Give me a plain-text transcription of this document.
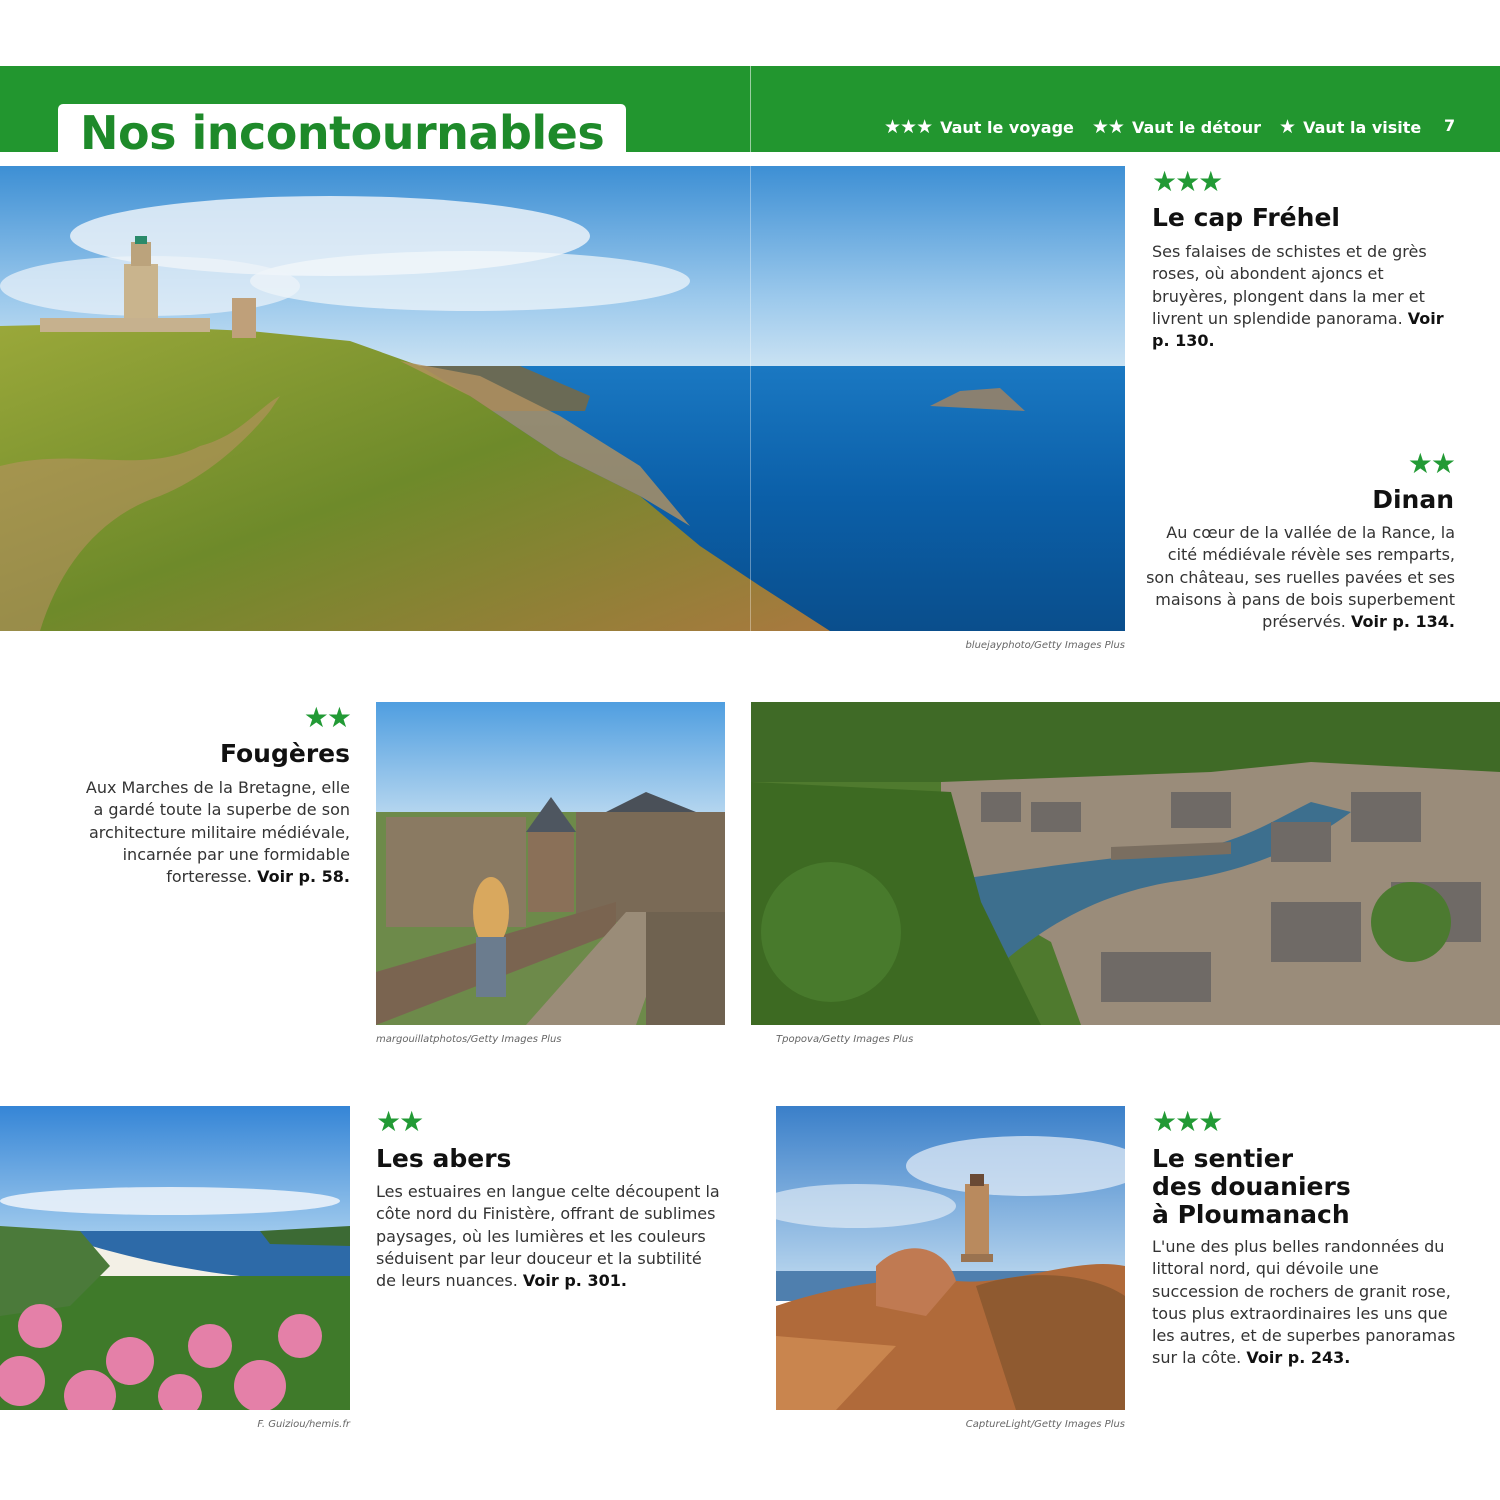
Nos incontournables	★★★ Vaut le voyage ★★ Vaut le détour ★ Vaut la visite 7
bluejayphoto/Getty Images Plus
★★★
Le cap Fréhel
Ses falaises de schistes et de grès roses, où abondent ajoncs et bruyères, plongent dans la mer et livrent un splendide panorama. Voir p. 130.
★★
Dinan
Au cœur de la vallée de la Rance, la cité médiévale révèle ses remparts, son château, ses ruelles pavées et ses maisons à pans de bois superbement préservés. Voir p. 134.
★★
Fougères
Aux Marches de la Bretagne, elle a gardé toute la superbe de son architecture militaire médiévale, incarnée par une formidable forteresse. Voir p. 58.
margouillatphotos/Getty Images Plus	Tpopova/Getty Images Plus
F. Guiziou/hemis.fr
★★
Les abers
Les estuaires en langue celte découpent la côte nord du Finistère, offrant de sublimes paysages, où les lumières et les couleurs séduisent par leur douceur et la subtilité de leurs nuances. Voir p. 301.
CaptureLight/Getty Images Plus
★★★
Le sentier
des douaniers
à Ploumanach
L'une des plus belles randonnées du littoral nord, qui dévoile une succession de rochers de granit rose, tous plus extraordinaires les uns que les autres, et de superbes panoramas sur la côte. Voir p. 243.
